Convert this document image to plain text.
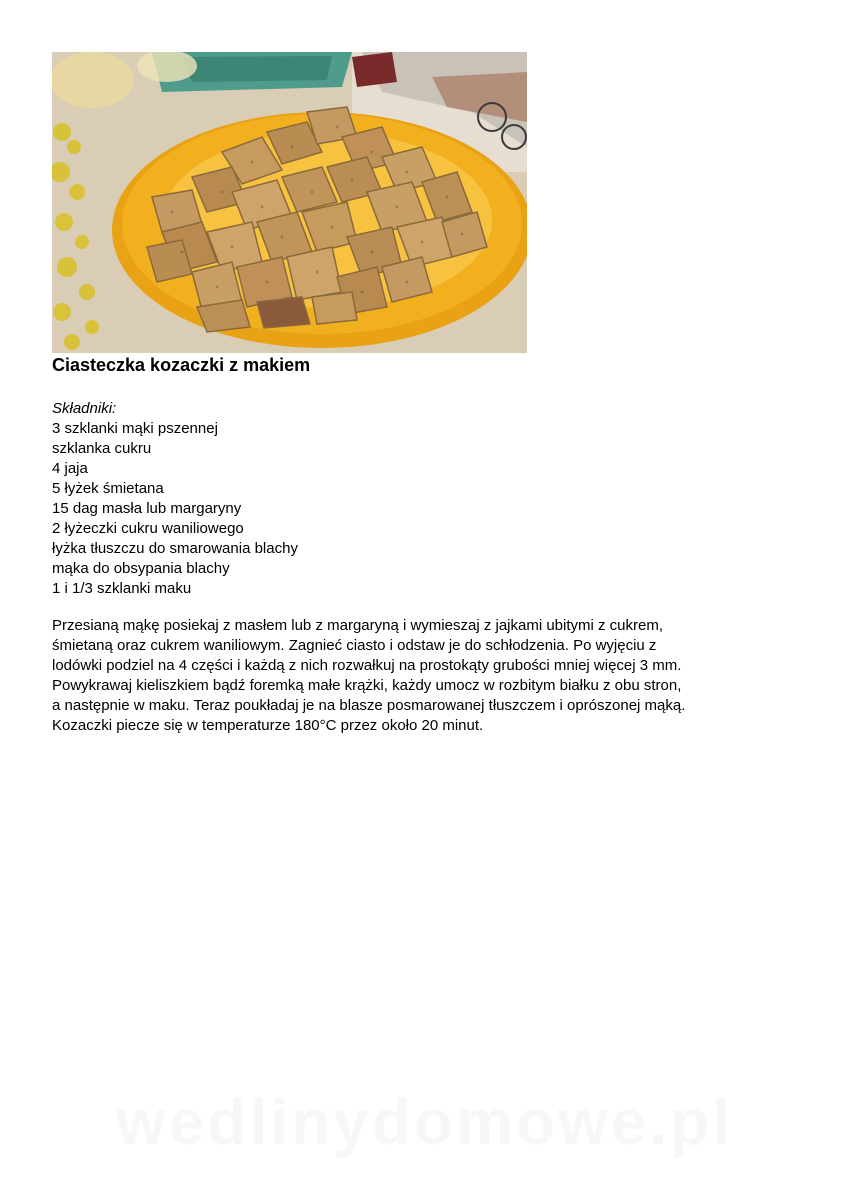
Ciasteczka kozaczki z makiem
Składniki:
3 szklanki mąki pszennej
szklanka cukru
4 jaja
5 łyżek śmietana
15 dag masła lub margaryny
2 łyżeczki cukru waniliowego
łyżka tłuszczu do smarowania blachy
mąka do obsypania blachy
1 i 1/3 szklanki maku
Przesianą mąkę posiekaj z masłem lub z margaryną i wymieszaj z jajkami ubitymi z cukrem,
śmietaną oraz cukrem waniliowym. Zagnieć ciasto i odstaw je do schłodzenia. Po wyjęciu z
lodówki podziel na 4 części i każdą z nich rozwałkuj na prostokąty grubości mniej więcej 3 mm.
Powykrawaj kieliszkiem bądź foremką małe krążki, każdy umocz w rozbitym białku z obu stron,
a następnie w maku. Teraz poukładaj je na blasze posmarowanej tłuszczem i oprószonej mąką.
Kozaczki piecze się w temperaturze 180°C przez około 20 minut.
wedlinydomowe.pl
